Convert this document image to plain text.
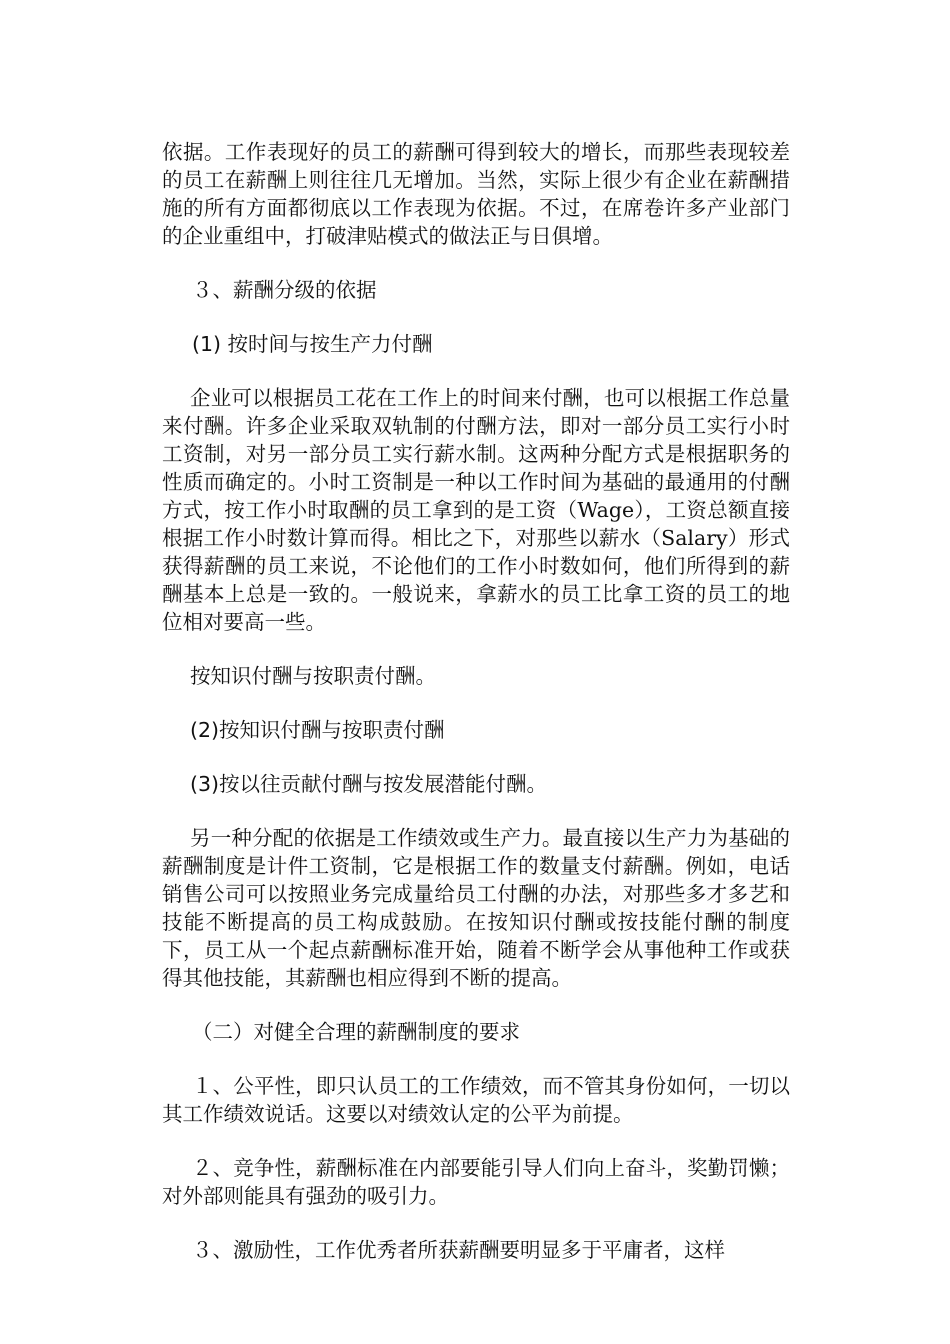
依据。工作表现好的员工的薪酬可得到较大的增长，而那些表现较差的员工在薪酬上则往往几无增加。当然，实际上很少有企业在薪酬措施的所有方面都彻底以工作表现为依据。不过，在席卷许多产业部门的企业重组中，打破津贴模式的做法正与日俱增。

３、薪酬分级的依据

(1) 按时间与按生产力付酬

企业可以根据员工花在工作上的时间来付酬，也可以根据工作总量来付酬。许多企业采取双轨制的付酬方法，即对一部分员工实行小时工资制，对另一部分员工实行薪水制。这两种分配方式是根据职务的性质而确定的。小时工资制是一种以工作时间为基础的最通用的付酬方式，按工作小时取酬的员工拿到的是工资（Wage），工资总额直接根据工作小时数计算而得。相比之下，对那些以薪水（Salary）形式获得薪酬的员工来说，不论他们的工作小时数如何，他们所得到的薪酬基本上总是一致的。一般说来，拿薪水的员工比拿工资的员工的地位相对要高一些。

按知识付酬与按职责付酬。

(2)按知识付酬与按职责付酬

(3)按以往贡献付酬与按发展潜能付酬。

另一种分配的依据是工作绩效或生产力。最直接以生产力为基础的薪酬制度是计件工资制，它是根据工作的数量支付薪酬。例如，电话销售公司可以按照业务完成量给员工付酬的办法，对那些多才多艺和技能不断提高的员工构成鼓励。在按知识付酬或按技能付酬的制度下，员工从一个起点薪酬标准开始，随着不断学会从事他种工作或获得其他技能，其薪酬也相应得到不断的提高。

（二）对健全合理的薪酬制度的要求

１、公平性，即只认员工的工作绩效，而不管其身份如何，一切以其工作绩效说话。这要以对绩效认定的公平为前提。

２、竞争性，薪酬标准在内部要能引导人们向上奋斗，奖勤罚懒；对外部则能具有强劲的吸引力。

３、激励性，工作优秀者所获薪酬要明显多于平庸者，这样
